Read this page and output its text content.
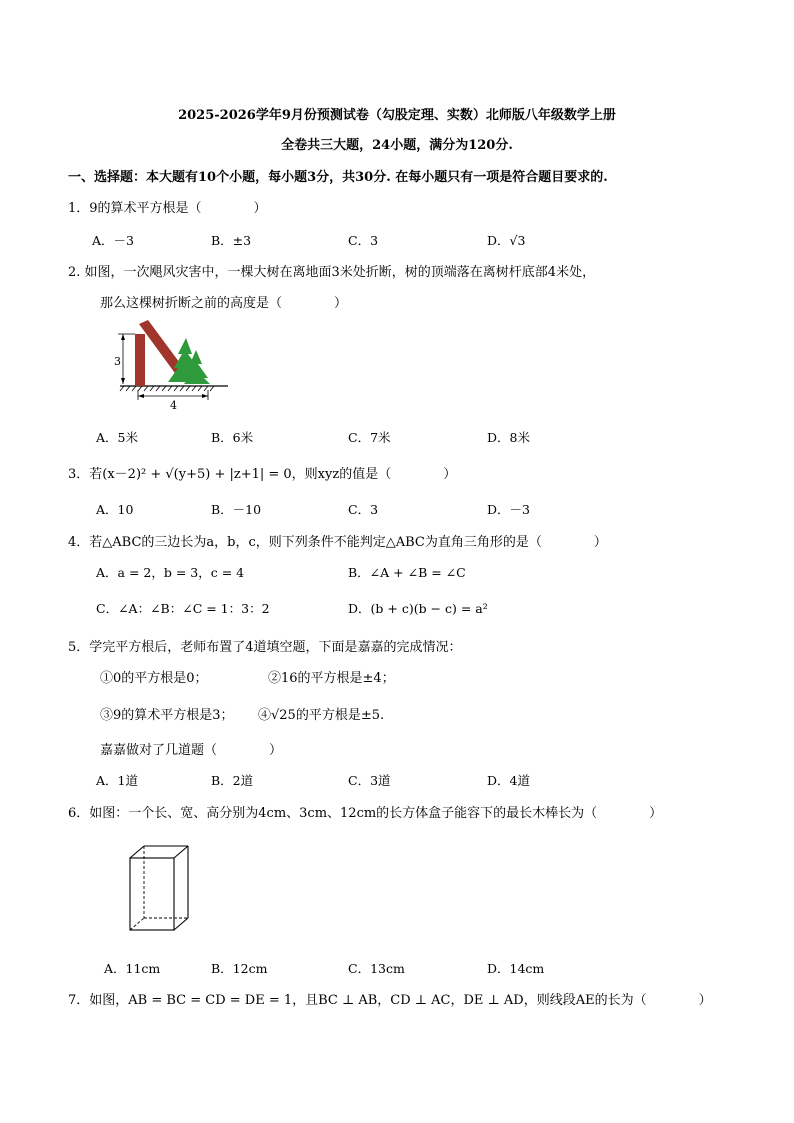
2025-2026学年9月份预测试卷（勾股定理、实数）北师版八年级数学上册
全卷共三大题，24小题，满分为120分.
一、选择题：本大题有10个小题，每小题3分，共30分. 在每小题只有一项是符合题目要求的.
1．9的算术平方根是（　　　　）
A．－3	B．±3	C．3	D．√3
2. 如图，一次飓风灾害中，一棵大树在离地面3米处折断，树的顶端落在离树杆底部4米处，
那么这棵树折断之前的高度是（　　　　）
3
4
A．5米	B．6米	C．7米	D．8米
3．若(x－2)² + √(y+5) + |z+1| = 0，则xyz的值是（　　　　）
A．10	B．－10	C．3	D．－3
4．若△ABC的三边长为a，b，c，则下列条件不能判定△ABC为直角三角形的是（　　　　）
A．a = 2，b = 3，c = 4	B．∠A + ∠B = ∠C
C．∠A：∠B：∠C = 1：3：2	D．(b + c)(b − c) = a²
5．学完平方根后，老师布置了4道填空题，下面是嘉嘉的完成情况：
①0的平方根是0；	②16的平方根是±4；
③9的算术平方根是3； ④√25的平方根是±5.
嘉嘉做对了几道题（　　　　）
A．1道	B．2道	C．3道	D．4道
6．如图：一个长、宽、高分别为4cm、3cm、12cm的长方体盒子能容下的最长木棒长为（　　　　）
A．11cm	B．12cm	C．13cm	D．14cm
7．如图，AB = BC = CD = DE = 1，且BC ⊥ AB，CD ⊥ AC，DE ⊥ AD，则线段AE的长为（　　　　）
